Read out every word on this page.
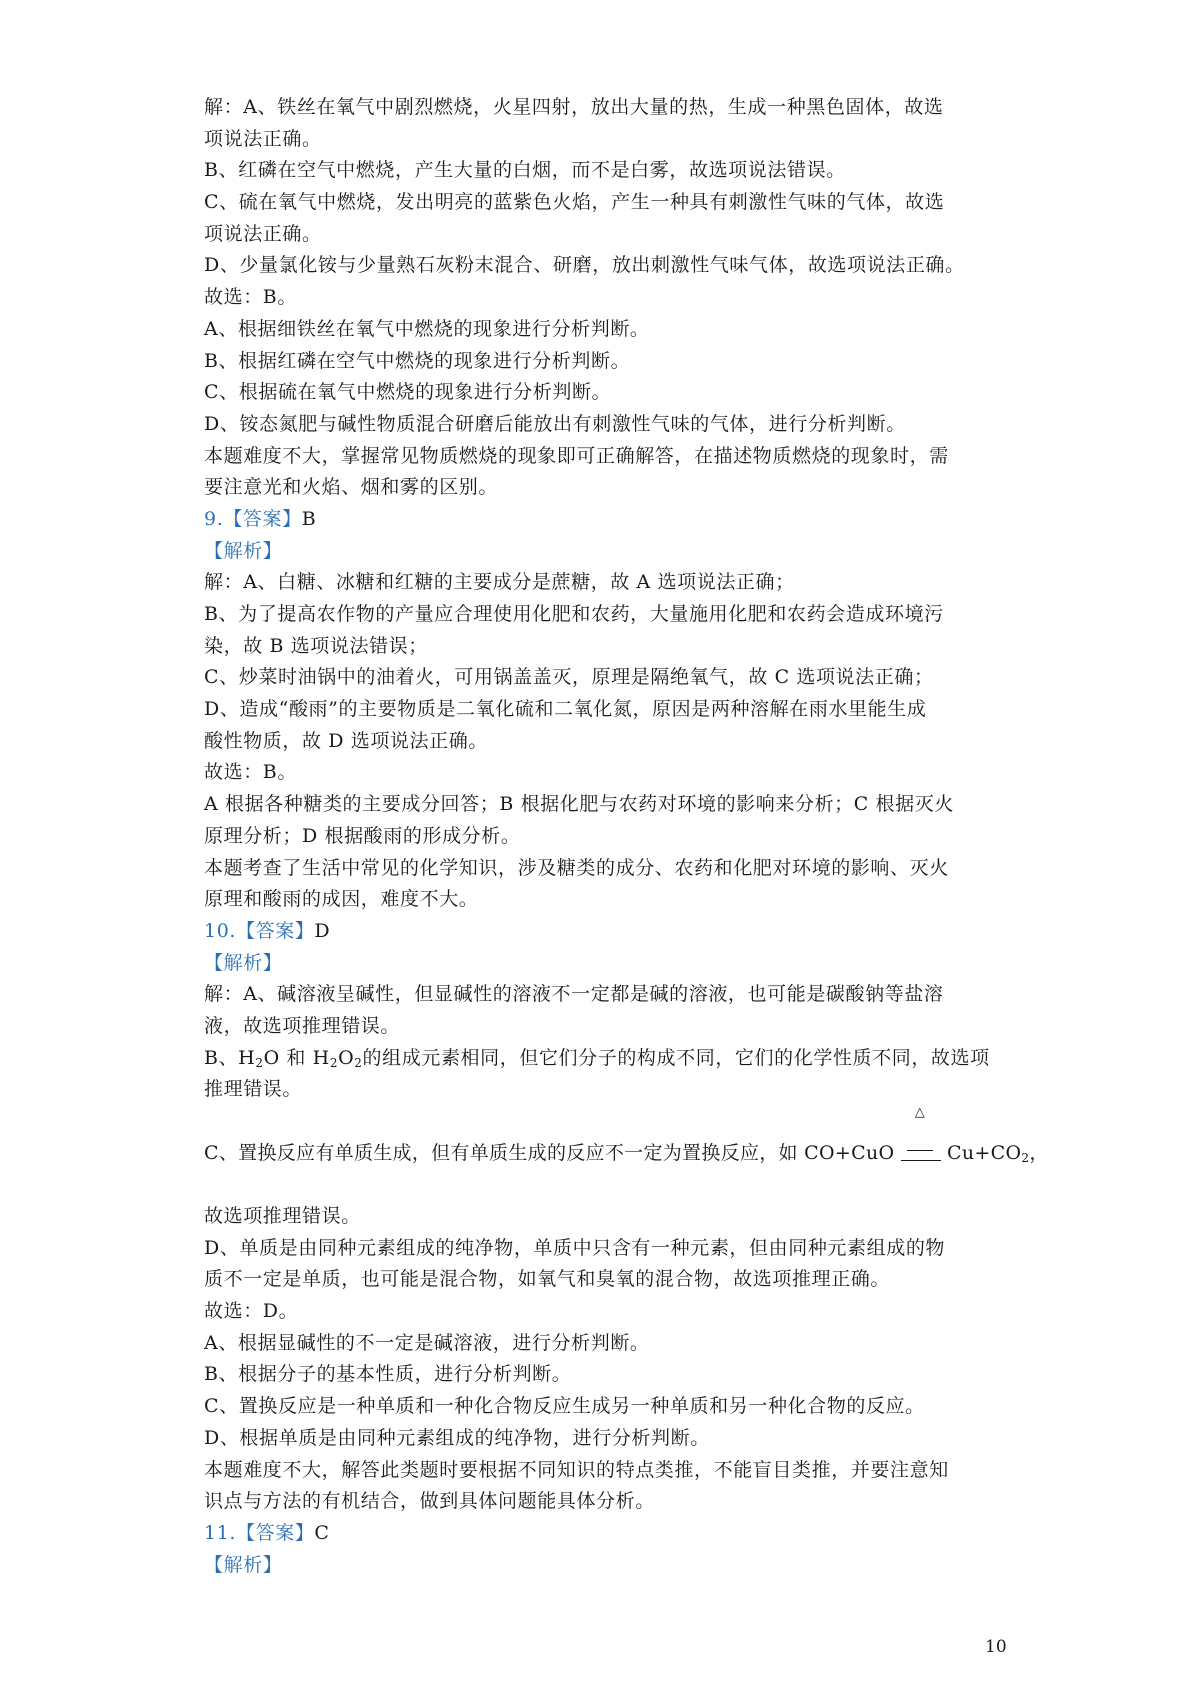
解：A、铁丝在氧气中剧烈燃烧，火星四射，放出大量的热，生成一种黑色固体，故选
项说法正确。
B、红磷在空气中燃烧，产生大量的白烟，而不是白雾，故选项说法错误。
C、硫在氧气中燃烧，发出明亮的蓝紫色火焰，产生一种具有刺激性气味的气体，故选
项说法正确。
D、少量氯化铵与少量熟石灰粉末混合、研磨，放出刺激性气味气体，故选项说法正确。
故选：B。
A、根据细铁丝在氧气中燃烧的现象进行分析判断。
B、根据红磷在空气中燃烧的现象进行分析判断。
C、根据硫在氧气中燃烧的现象进行分析判断。
D、铵态氮肥与碱性物质混合研磨后能放出有刺激性气味的气体，进行分析判断。
本题难度不大，掌握常见物质燃烧的现象即可正确解答，在描述物质燃烧的现象时，需
要注意光和火焰、烟和雾的区别。
9.【答案】B
【解析】
解：A、白糖、冰糖和红糖的主要成分是蔗糖，故 A 选项说法正确；
B、为了提高农作物的产量应合理使用化肥和农药，大量施用化肥和农药会造成环境污
染，故 B 选项说法错误；
C、炒菜时油锅中的油着火，可用锅盖盖灭，原理是隔绝氧气，故 C 选项说法正确；
D、造成“酸雨”的主要物质是二氧化硫和二氧化氮，原因是两种溶解在雨水里能生成
酸性物质，故 D 选项说法正确。
故选：B。
A 根据各种糖类的主要成分回答；B 根据化肥与农药对环境的影响来分析；C 根据灭火
原理分析；D 根据酸雨的形成分析。
本题考查了生活中常见的化学知识，涉及糖类的成分、农药和化肥对环境的影响、灭火
原理和酸雨的成因，难度不大。
10.【答案】D
【解析】
解：A、碱溶液呈碱性，但显碱性的溶液不一定都是碱的溶液，也可能是碳酸钠等盐溶
液，故选项推理错误。
B、$H_2O$ 和 $H_2O_2$的组成元素相同，但它们分子的构成不同，它们的化学性质不同，故选项
推理错误。
C、置换反应有单质生成，但有单质生成的反应不一定为置换反应，如 CO+CuO
△
$Cu+CO_2$，
故选项推理错误。
D、单质是由同种元素组成的纯净物，单质中只含有一种元素，但由同种元素组成的物
质不一定是单质，也可能是混合物，如氧气和臭氧的混合物，故选项推理正确。
故选：D。
A、根据显碱性的不一定是碱溶液，进行分析判断。
B、根据分子的基本性质，进行分析判断。
C、置换反应是一种单质和一种化合物反应生成另一种单质和另一种化合物的反应。
D、根据单质是由同种元素组成的纯净物，进行分析判断。
本题难度不大，解答此类题时要根据不同知识的特点类推，不能盲目类推，并要注意知
识点与方法的有机结合，做到具体问题能具体分析。
11.【答案】C
【解析】
10
